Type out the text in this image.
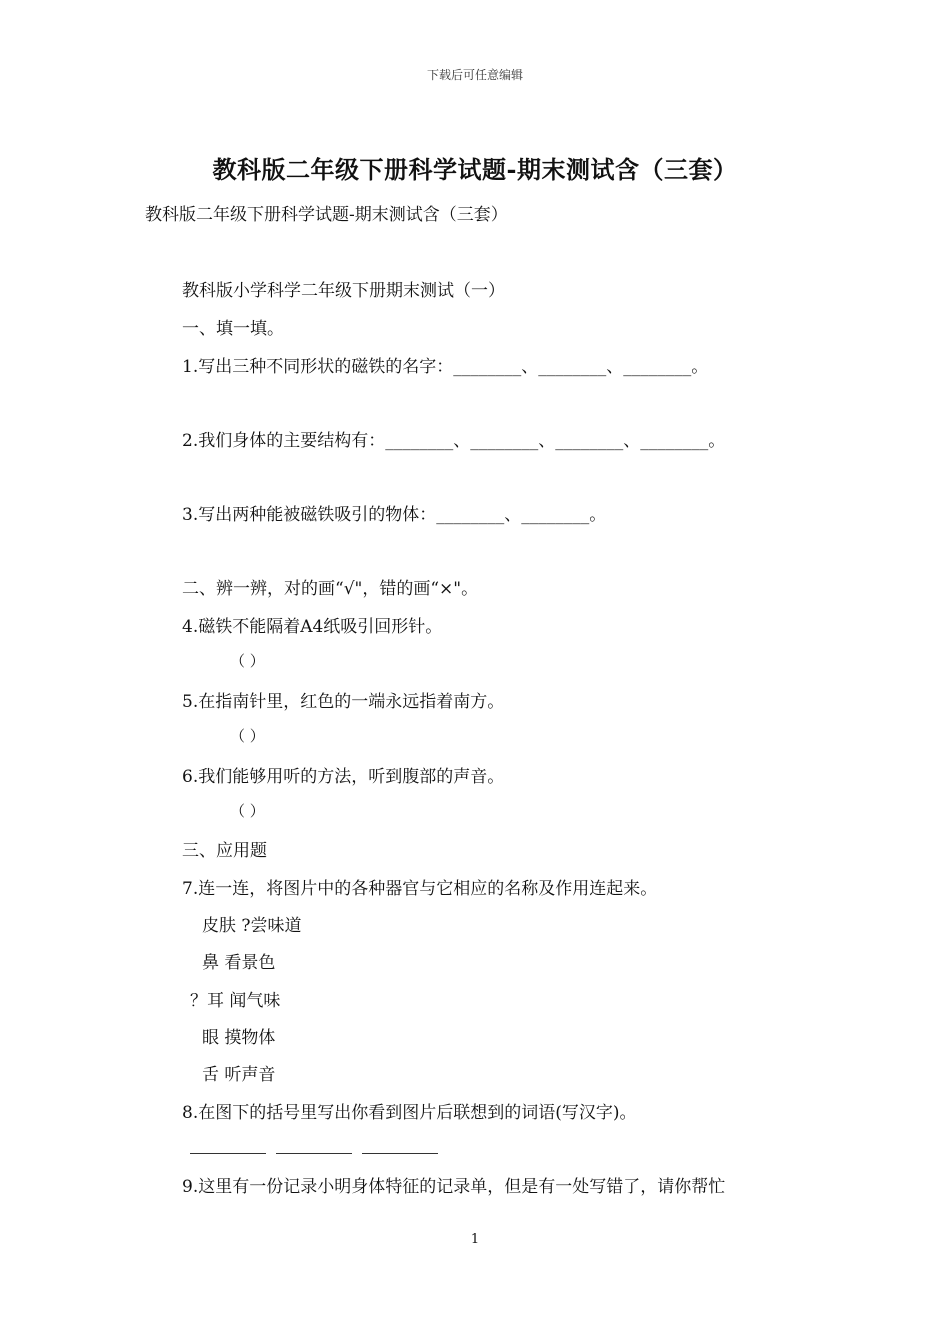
下载后可任意编辑
教科版二年级下册科学试题-期末测试含（三套）
教科版二年级下册科学试题-期末测试含（三套）
教科版小学科学二年级下册期末测试（一）
一、填一填。
1.写出三种不同形状的磁铁的名字：________、________、________。
2.我们身体的主要结构有：________、________、________、________。
3.写出两种能被磁铁吸引的物体：________、________。
二、辨一辨，对的画“√"，错的画“×"。
4.磁铁不能隔着A4纸吸引回形针。
（ ）
5.在指南针里，红色的一端永远指着南方。
（ ）
6.我们能够用听的方法，听到腹部的声音。
（ ）
三、应用题
7.连一连，将图片中的各种器官与它相应的名称及作用连起来。
皮肤 ?尝味道
鼻 看景色
？耳 闻气味
眼 摸物体
舌 听声音
8.在图下的括号里写出你看到图片后联想到的词语(写汉字)。
9.这里有一份记录小明身体特征的记录单，但是有一处写错了，请你帮忙
1
